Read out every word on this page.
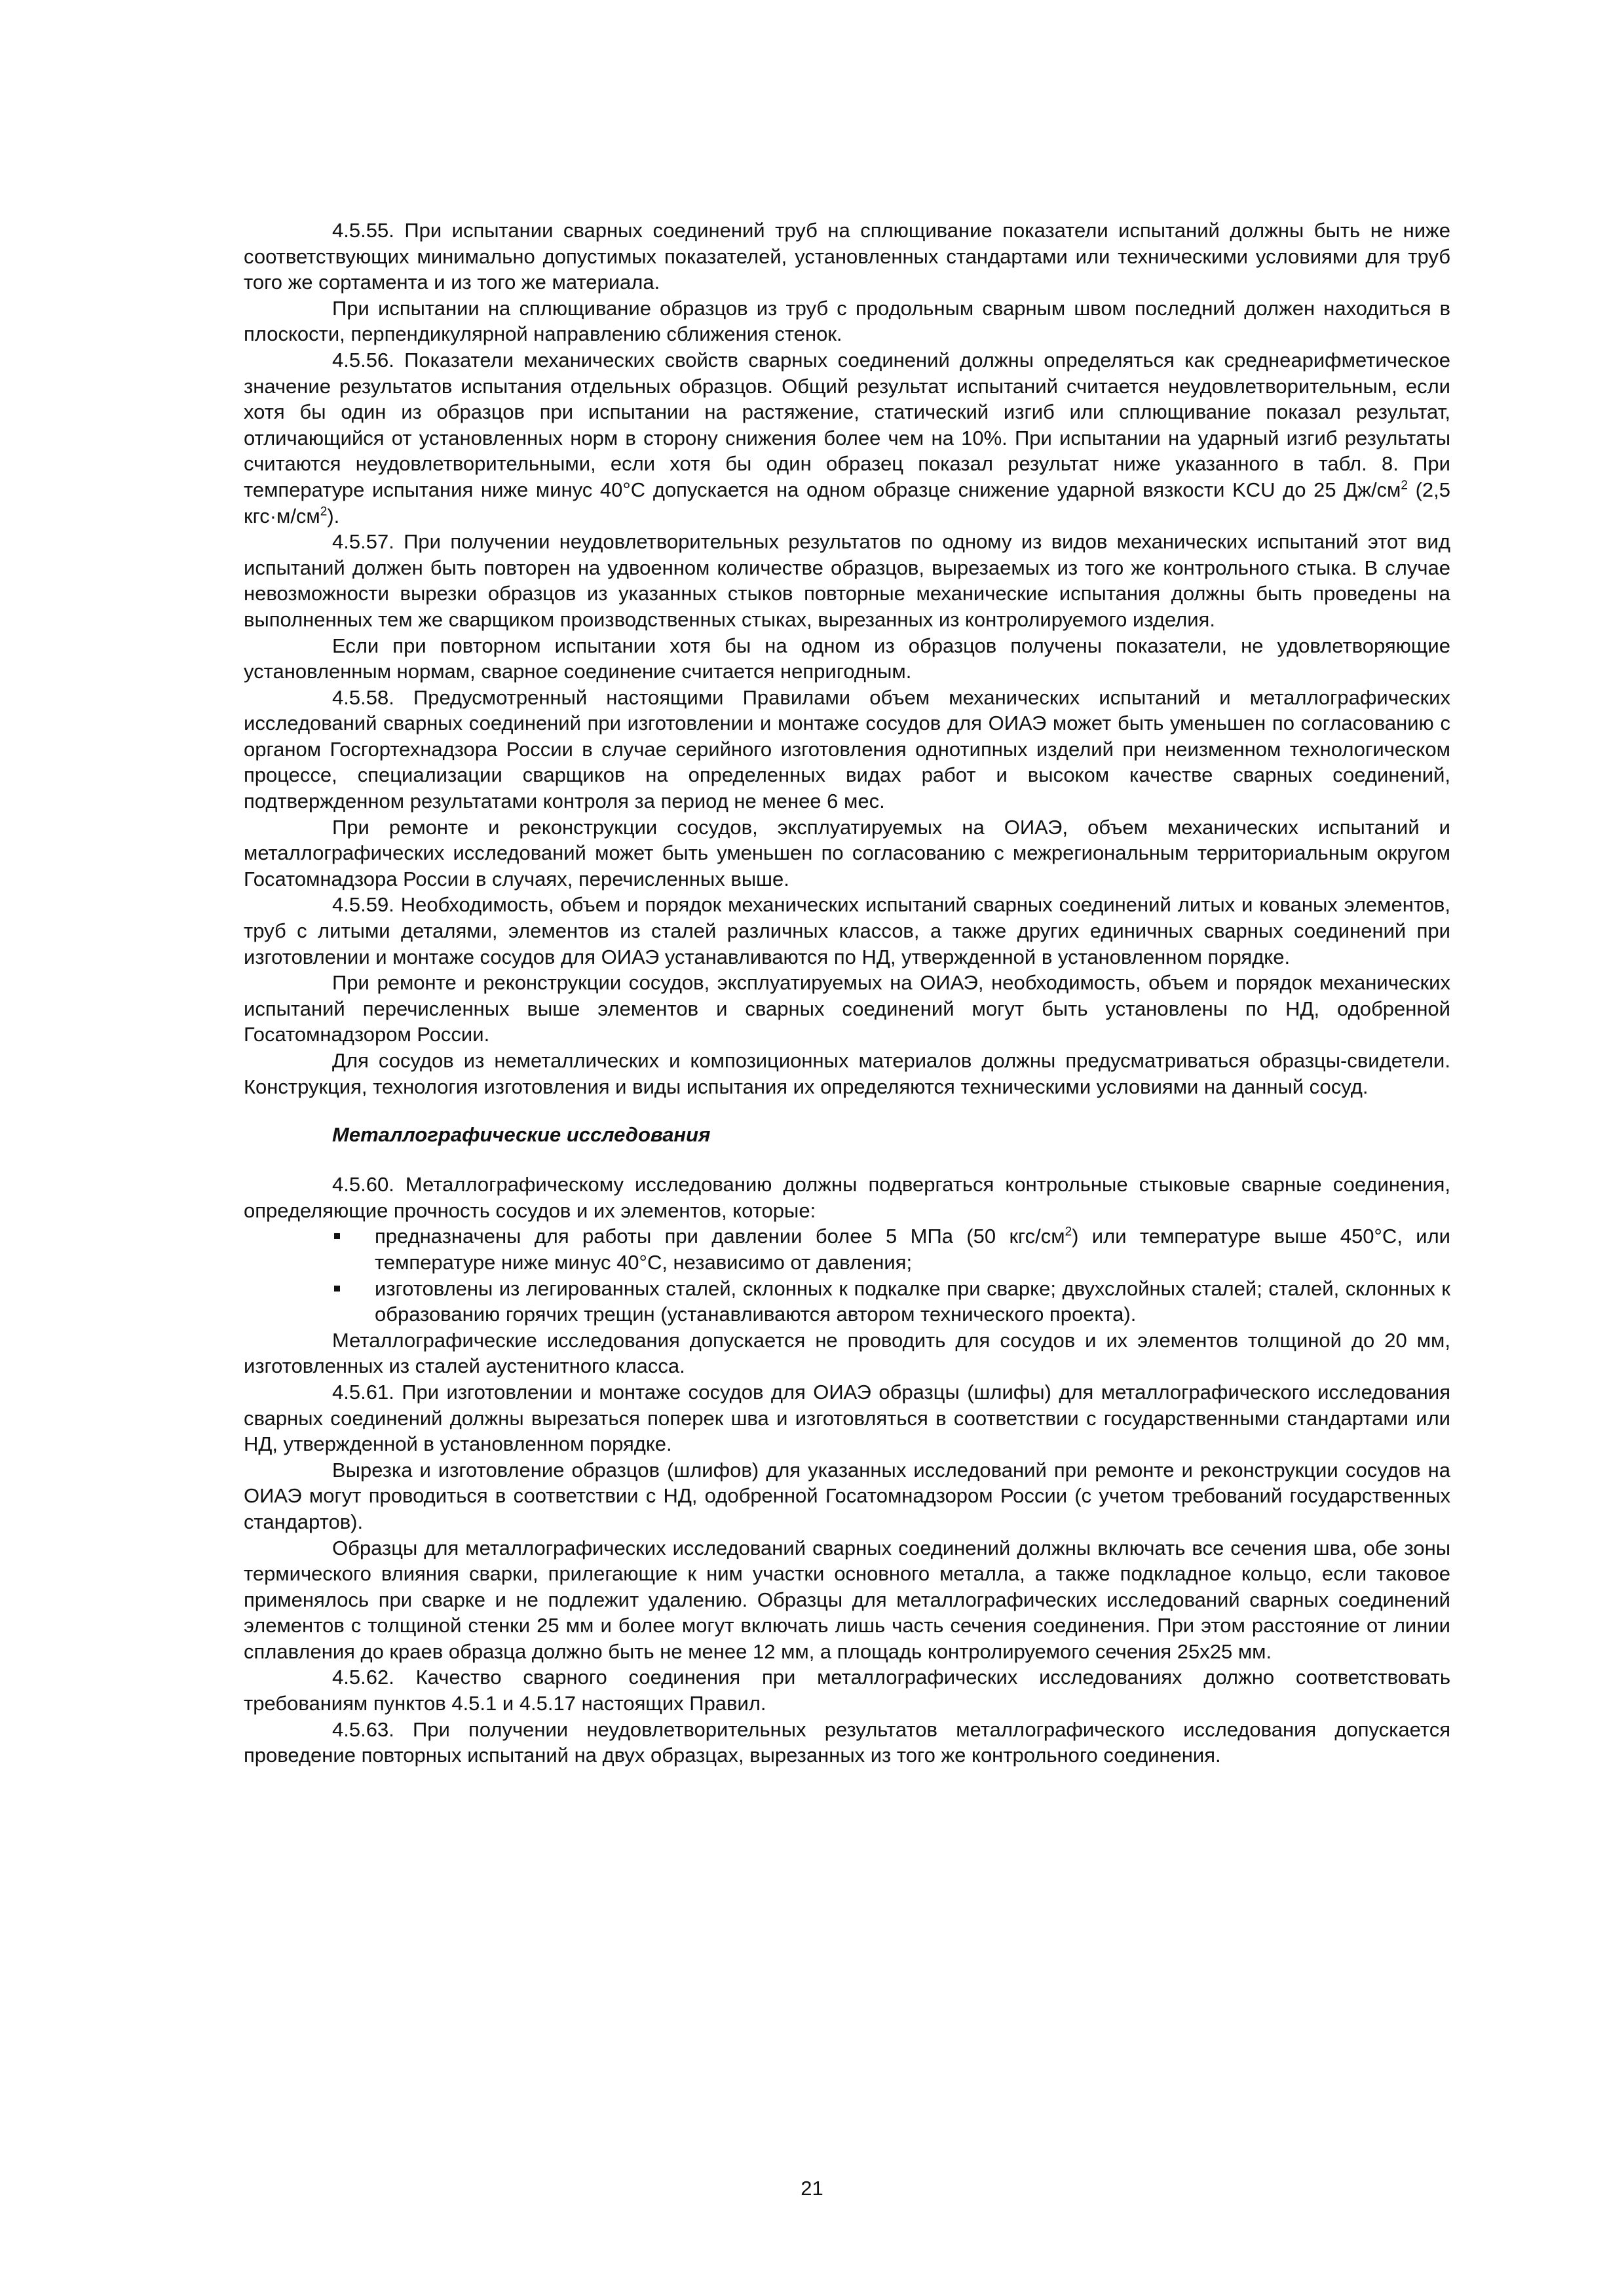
4.5.55. При испытании сварных соединений труб на сплющивание показатели испытаний должны быть не ниже соответствующих минимально допустимых показателей, установленных стандартами или техническими условиями для труб того же сортамента и из того же материала.

При испытании на сплющивание образцов из труб с продольным сварным швом последний должен находиться в плоскости, перпендикулярной направлению сближения стенок.

4.5.56. Показатели механических свойств сварных соединений должны определяться как среднеарифметическое значение результатов испытания отдельных образцов. Общий результат испытаний считается неудовлетворительным, если хотя бы один из образцов при испытании на растяжение, статический изгиб или сплющивание показал результат, отличающийся от установленных норм в сторону снижения более чем на 10%. При испытании на ударный изгиб результаты считаются неудовлетворительными, если хотя бы один образец показал результат ниже указанного в табл. 8. При температуре испытания ниже минус 40°С допускается на одном образце снижение ударной вязкости KCU до 25 $Дж/см^2$ (2,5 $кгс\cdot м/см^2$).

4.5.57. При получении неудовлетворительных результатов по одному из видов механических испытаний этот вид испытаний должен быть повторен на удвоенном количестве образцов, вырезаемых из того же контрольного стыка. В случае невозможности вырезки образцов из указанных стыков повторные механические испытания должны быть проведены на выполненных тем же сварщиком производственных стыках, вырезанных из контролируемого изделия.

Если при повторном испытании хотя бы на одном из образцов получены показатели, не удовлетворяющие установленным нормам, сварное соединение считается непригодным.

4.5.58. Предусмотренный настоящими Правилами объем механических испытаний и металлографических исследований сварных соединений при изготовлении и монтаже сосудов для ОИАЭ может быть уменьшен по согласованию с органом Госгортехнадзора России в случае серийного изготовления однотипных изделий при неизменном технологическом процессе, специализации сварщиков на определенных видах работ и высоком качестве сварных соединений, подтвержденном результатами контроля за период не менее 6 мес.

При ремонте и реконструкции сосудов, эксплуатируемых на ОИАЭ, объем механических испытаний и металлографических исследований может быть уменьшен по согласованию с межрегиональным территориальным округом Госатомнадзора России в случаях, перечисленных выше.

4.5.59. Необходимость, объем и порядок механических испытаний сварных соединений литых и кованых элементов, труб с литыми деталями, элементов из сталей различных классов, а также других единичных сварных соединений при изготовлении и монтаже сосудов для ОИАЭ устанавливаются по НД, утвержденной в установленном порядке.

При ремонте и реконструкции сосудов, эксплуатируемых на ОИАЭ, необходимость, объем и порядок механических испытаний перечисленных выше элементов и сварных соединений могут быть установлены по НД, одобренной Госатомнадзором России.

Для сосудов из неметаллических и композиционных материалов должны предусматриваться образцы-свидетели. Конструкция, технология изготовления и виды испытания их определяются техническими условиями на данный сосуд.

Металлографические исследования

4.5.60. Металлографическому исследованию должны подвергаться контрольные стыковые сварные соединения, определяющие прочность сосудов и их элементов, которые:

предназначены для работы при давлении более 5 МПа (50 кгс/$см^2$) или температуре выше 450°С, или температуре ниже минус 40°С, независимо от давления;
изготовлены из легированных сталей, склонных к подкалке при сварке; двухслойных сталей; сталей, склонных к образованию горячих трещин (устанавливаются автором технического проекта).

Металлографические исследования допускается не проводить для сосудов и их элементов толщиной до 20 мм, изготовленных из сталей аустенитного класса.

4.5.61. При изготовлении и монтаже сосудов для ОИАЭ образцы (шлифы) для металлографического исследования сварных соединений должны вырезаться поперек шва и изготовляться в соответствии с государственными стандартами или НД, утвержденной в установленном порядке.

Вырезка и изготовление образцов (шлифов) для указанных исследований при ремонте и реконструкции сосудов на ОИАЭ могут проводиться в соответствии с НД, одобренной Госатомнадзором России (с учетом требований государственных стандартов).

Образцы для металлографических исследований сварных соединений должны включать все сечения шва, обе зоны термического влияния сварки, прилегающие к ним участки основного металла, а также подкладное кольцо, если таковое применялось при сварке и не подлежит удалению. Образцы для металлографических исследований сварных соединений элементов с толщиной стенки 25 мм и более могут включать лишь часть сечения соединения. При этом расстояние от линии сплавления до краев образца должно быть не менее 12 мм, а площадь контролируемого сечения 25х25 мм.

4.5.62. Качество сварного соединения при металлографических исследованиях должно соответствовать требованиям пунктов 4.5.1 и 4.5.17 настоящих Правил.

4.5.63. При получении неудовлетворительных результатов металлографического исследования допускается проведение повторных испытаний на двух образцах, вырезанных из того же контрольного соединения.

21
